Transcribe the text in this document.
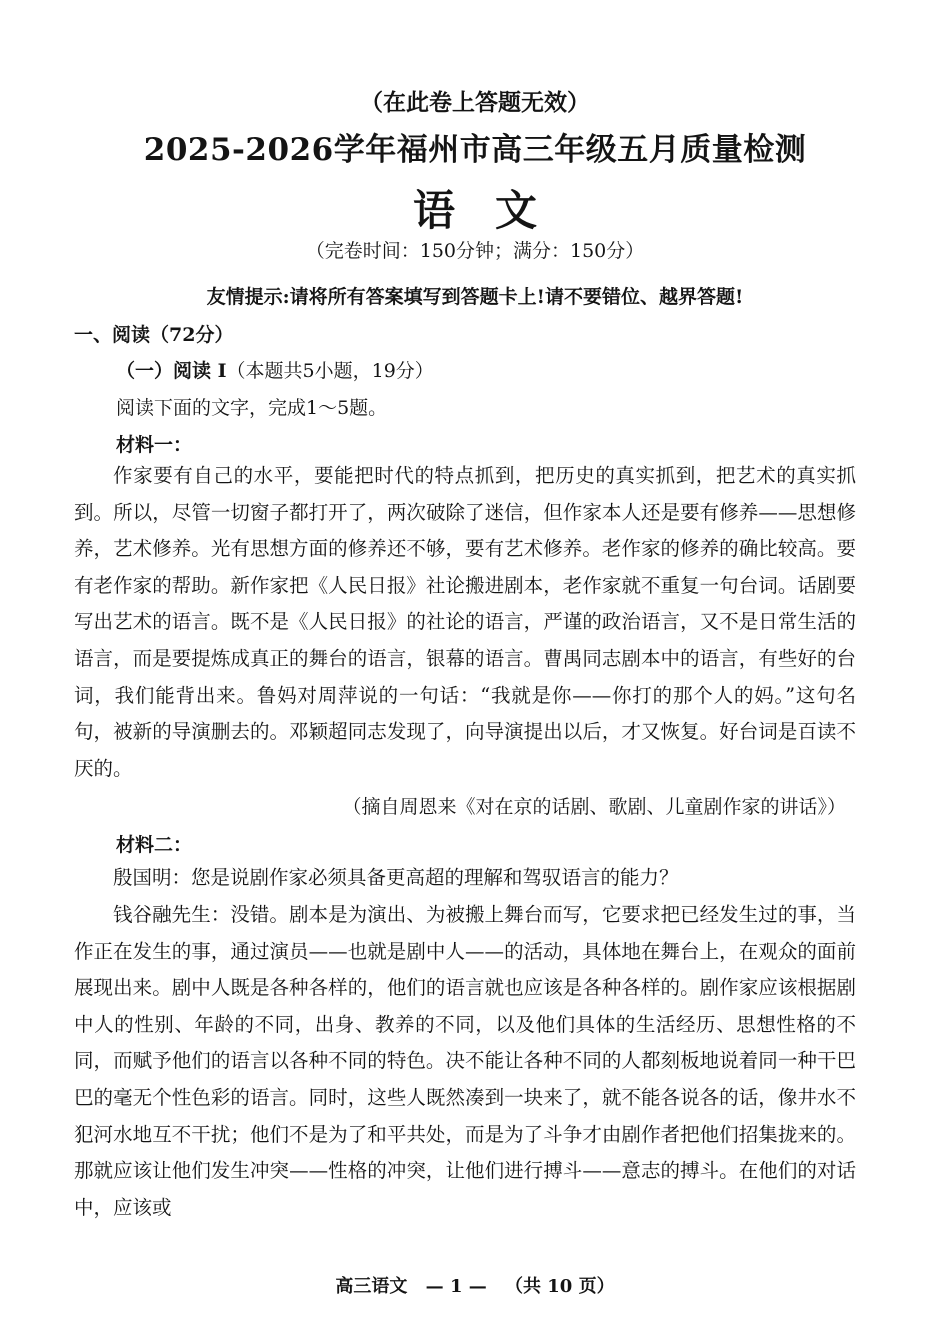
（在此卷上答题无效）
2025-2026学年福州市高三年级五月质量检测
语文
（完卷时间：150分钟；满分：150分）
友情提示:请将所有答案填写到答题卡上!请不要错位、越界答题!
一、阅读（72分）
（一）阅读 Ⅰ（本题共5小题，19分）
阅读下面的文字，完成1～5题。
材料一：

作家要有自己的水平，要能把时代的特点抓到，把历史的真实抓到，把艺术的真实抓到。所以，尽管一切窗子都打开了，两次破除了迷信，但作家本人还是要有修养——思想修养，艺术修养。光有思想方面的修养还不够，要有艺术修养。老作家的修养的确比较高。要有老作家的帮助。新作家把《人民日报》社论搬进剧本，老作家就不重复一句台词。话剧要写出艺术的语言。既不是《人民日报》的社论的语言，严谨的政治语言，又不是日常生活的语言，而是要提炼成真正的舞台的语言，银幕的语言。曹禺同志剧本中的语言，有些好的台词，我们能背出来。鲁妈对周萍说的一句话：“我就是你——你打的那个人的妈。”这句名句，被新的导演删去的。邓颖超同志发现了，向导演提出以后，才又恢复。好台词是百读不厌的。

（摘自周恩来《对在京的话剧、歌剧、儿童剧作家的讲话》）
材料二：

殷国明：您是说剧作家必须具备更高超的理解和驾驭语言的能力？

钱谷融先生：没错。剧本是为演出、为被搬上舞台而写，它要求把已经发生过的事，当作正在发生的事，通过演员——也就是剧中人——的活动，具体地在舞台上，在观众的面前展现出来。剧中人既是各种各样的，他们的语言就也应该是各种各样的。剧作家应该根据剧中人的性别、年龄的不同，出身、教养的不同，以及他们具体的生活经历、思想性格的不同，而赋予他们的语言以各种不同的特色。决不能让各种不同的人都刻板地说着同一种干巴巴的毫无个性色彩的语言。同时，这些人既然凑到一块来了，就不能各说各的话，像井水不犯河水地互不干扰；他们不是为了和平共处，而是为了斗争才由剧作者把他们招集拢来的。那就应该让他们发生冲突——性格的冲突，让他们进行搏斗——意志的搏斗。在他们的对话中，应该或

高三语文 — 1 — （共 10 页）
